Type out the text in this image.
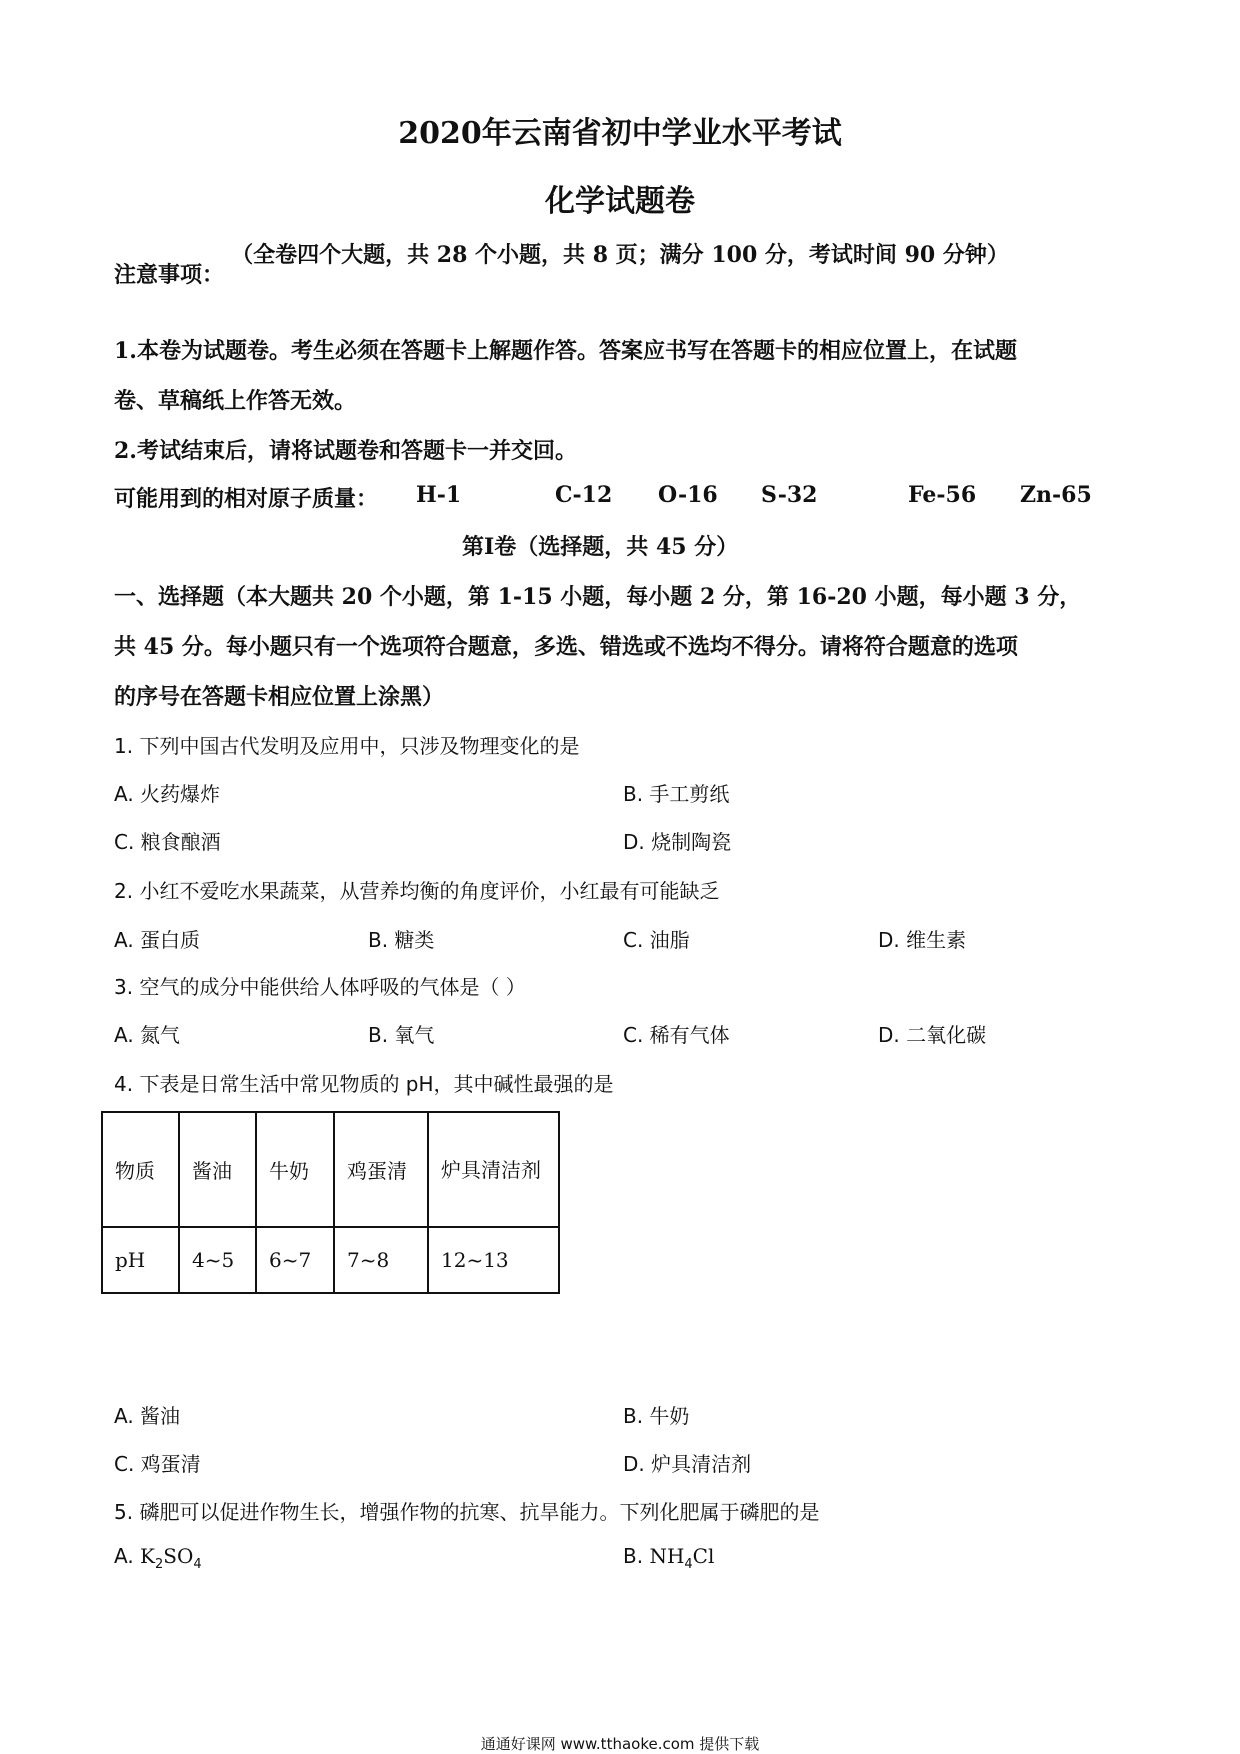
2020年云南省初中学业水平考试
化学试题卷
（全卷四个大题，共 28 个小题，共 8 页；满分 100 分，考试时间 90 分钟）
注意事项：
1.本卷为试题卷。考生必须在答题卡上解题作答。答案应书写在答题卡的相应位置上，在试题
卷、草稿纸上作答无效。
2.考试结束后，请将试题卷和答题卡一并交回。
可能用到的相对原子质量： H-1	C-12 O-16 S-32	Fe-56 Zn-65
第Ⅰ卷（选择题，共 45 分）
一、选择题（本大题共 20 个小题，第 1-15 小题，每小题 2 分，第 16-20 小题，每小题 3 分，
共 45 分。每小题只有一个选项符合题意，多选、错选或不选均不得分。请将符合题意的选项
的序号在答题卡相应位置上涂黑）
1. 下列中国古代发明及应用中，只涉及物理变化的是
A. 火药爆炸	B. 手工剪纸
C. 粮食酿酒	D. 烧制陶瓷
2. 小红不爱吃水果蔬菜，从营养均衡的角度评价，小红最有可能缺乏
A. 蛋白质	B. 糖类	C. 油脂	D. 维生素
3. 空气的成分中能供给人体呼吸的气体是（ ）
A. 氮气	B. 氧气	C. 稀有气体	D. 二氧化碳
4. 下表是日常生活中常见物质的 pH，其中碱性最强的是
物质	酱油	牛奶	鸡蛋清	炉具清洁剂
pH	4~5	6~7	7~8	12~13
A. 酱油	B. 牛奶
C. 鸡蛋清	D. 炉具清洁剂
5. 磷肥可以促进作物生长，增强作物的抗寒、抗旱能力。下列化肥属于磷肥的是
A. $K_2SO_4$	B. $NH_4Cl$
通通好课网 www.tthaoke.com 提供下载
